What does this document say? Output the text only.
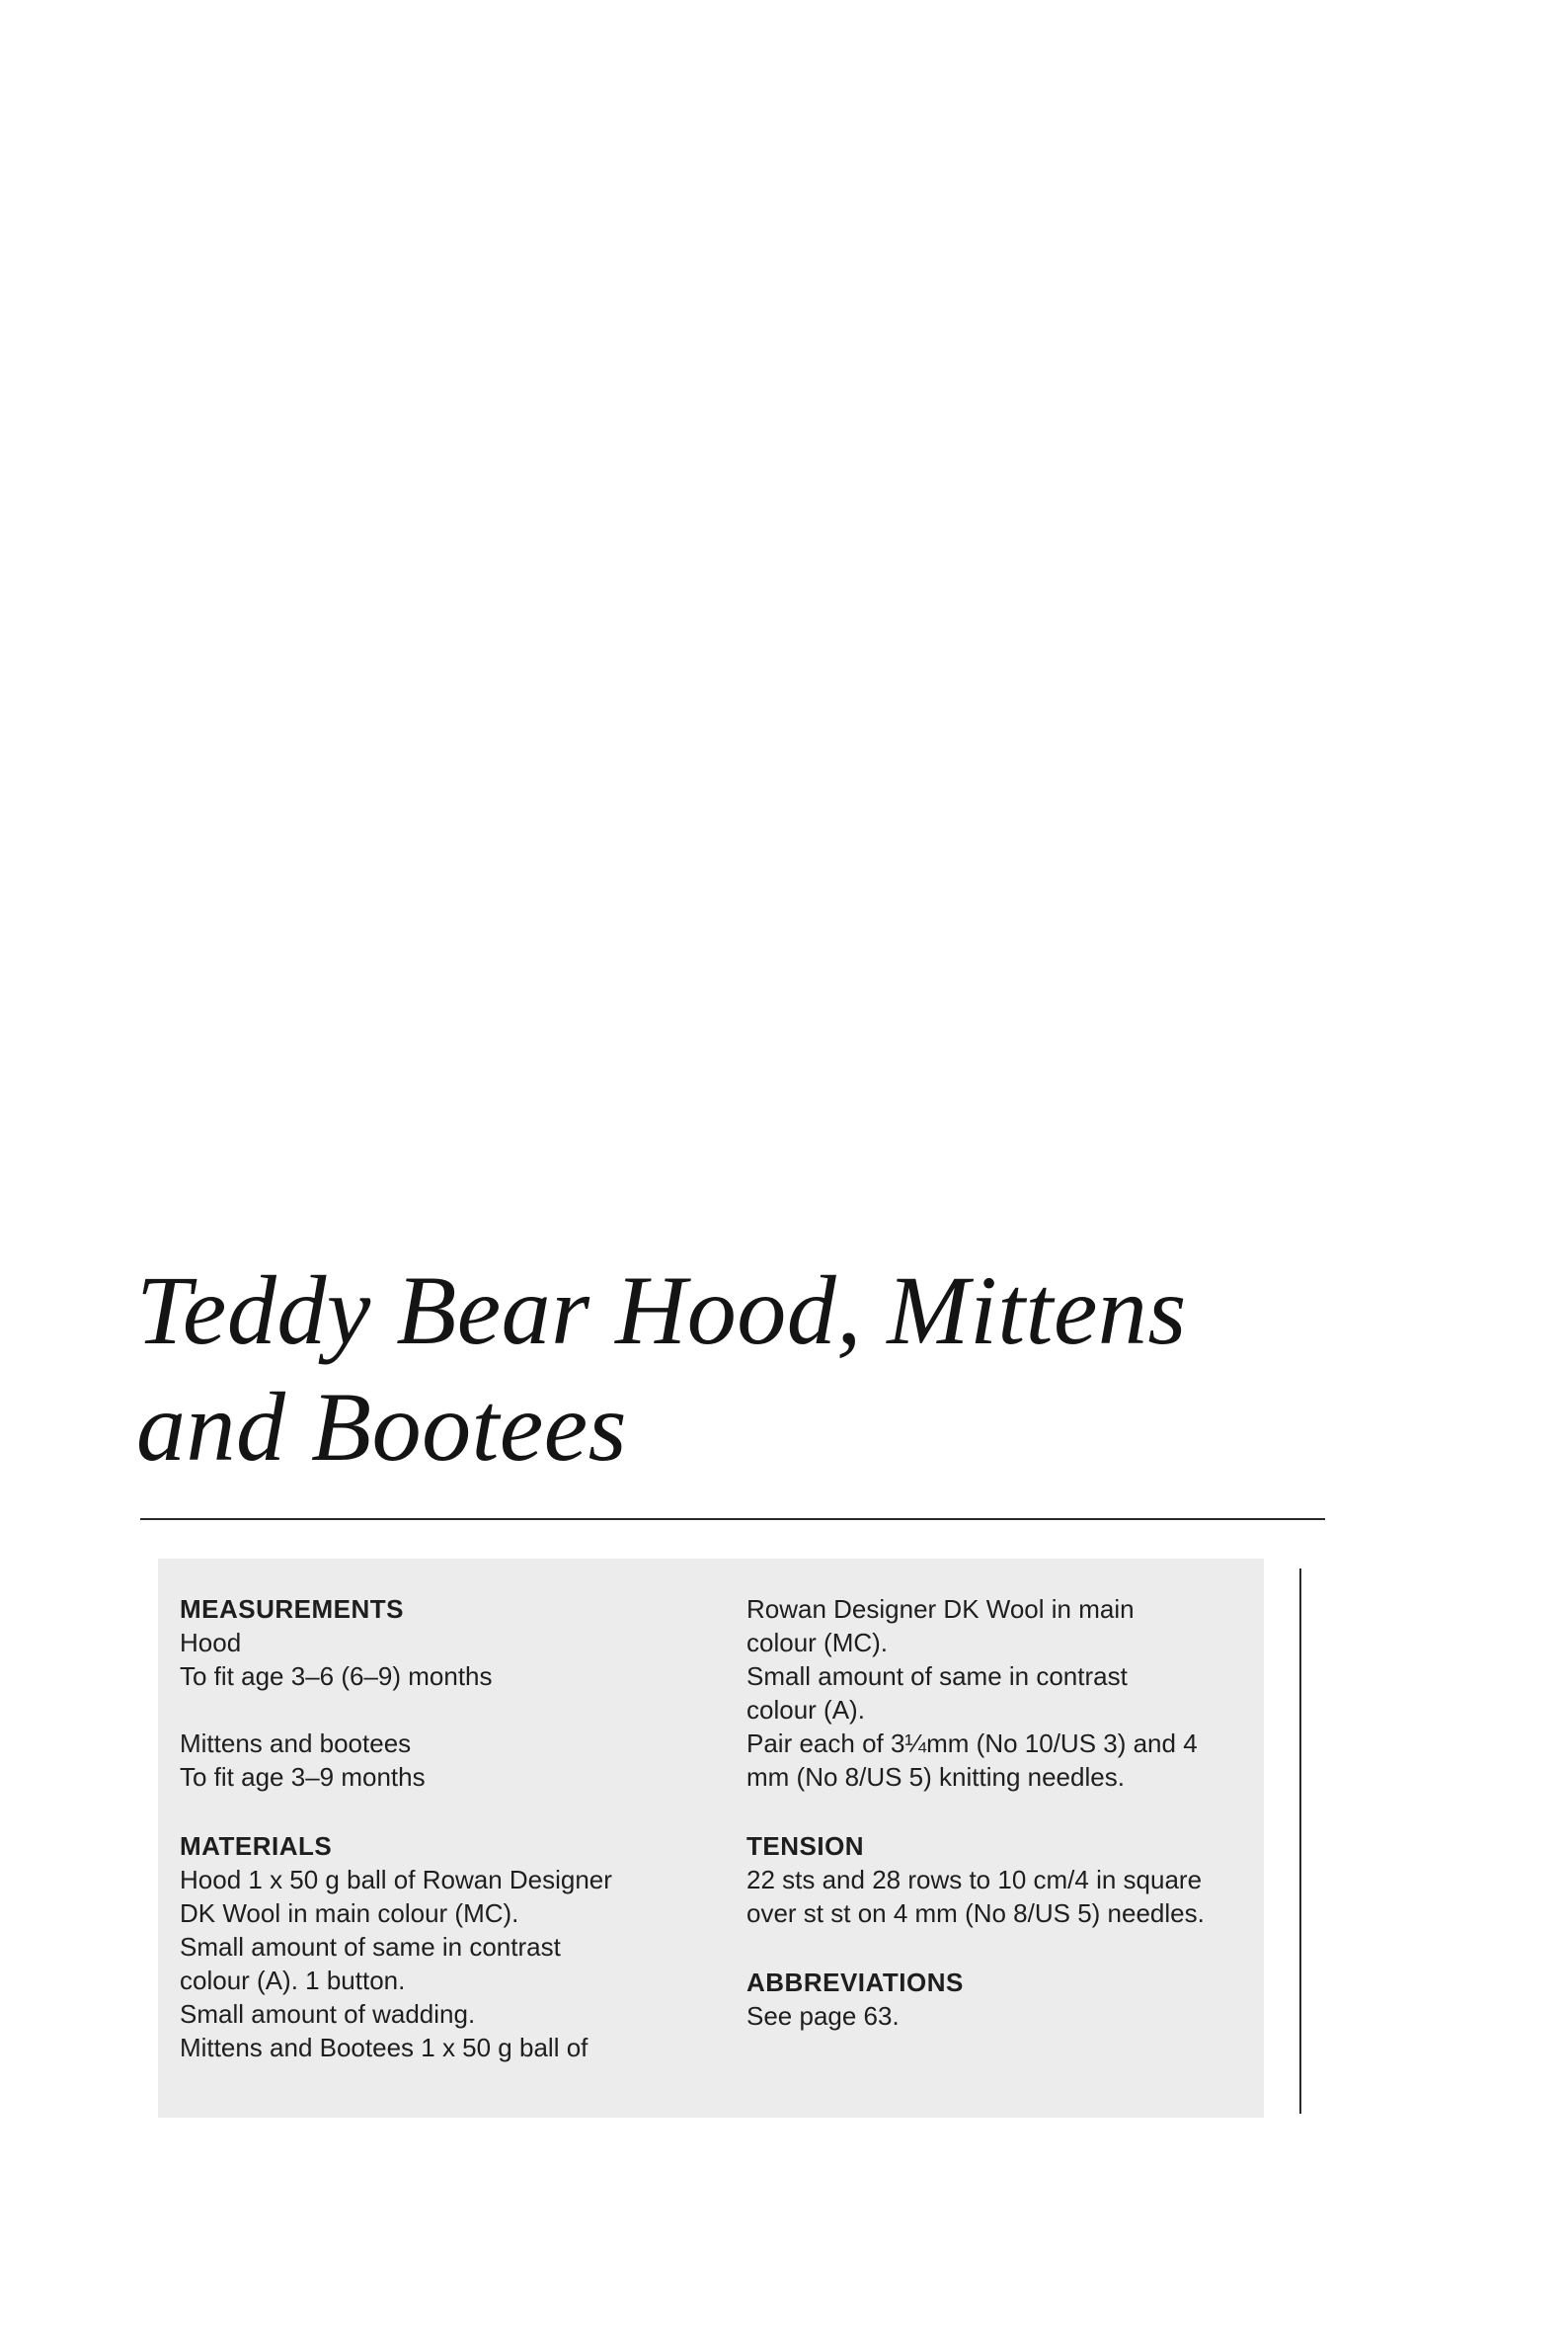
Teddy Bear Hood, Mittens
and Bootees

MEASUREMENTS

Hood

To fit age 3–6 (6–9) months

Mittens and bootees

To fit age 3–9 months

MATERIALS

Hood 1 x 50 g ball of Rowan Designer

DK Wool in main colour (MC).

Small amount of same in contrast

colour (A). 1 button.

Small amount of wadding.

Mittens and Bootees 1 x 50 g ball of

Rowan Designer DK Wool in main

colour (MC).

Small amount of same in contrast

colour (A).

Pair each of 3¼mm (No 10/US 3) and 4

mm (No 8/US 5) knitting needles.

TENSION

22 sts and 28 rows to 10 cm/4 in square

over st st on 4 mm (No 8/US 5) needles.

ABBREVIATIONS

See page 63.
